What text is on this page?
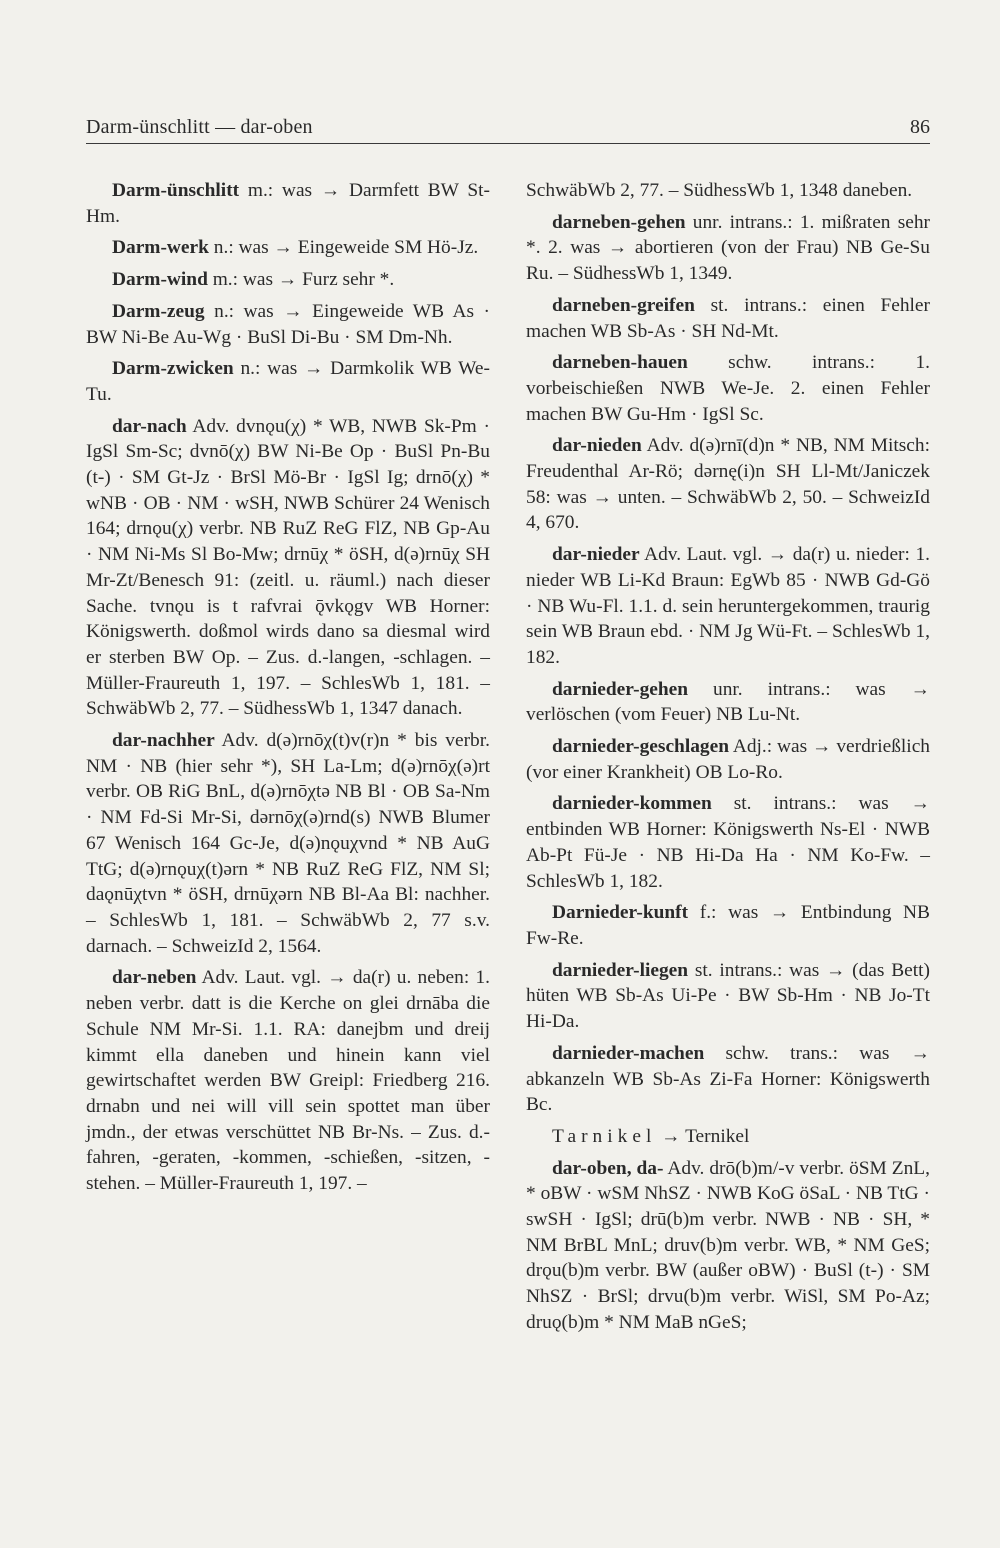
Darm-ünschlitt — dar-oben	86

Darm-ünschlitt m.: was → Darmfett BW St-Hm.

Darm-werk n.: was → Eingeweide SM Hö-Jz.

Darm-wind m.: was → Furz sehr *.

Darm-zeug n.: was → Eingeweide WB As · BW Ni-Be Au-Wg · BuSl Di-Bu · SM Dm-Nh.

Darm-zwicken n.: was → Darmkolik WB We-Tu.

dar-nach Adv. dvnǫu(χ) * WB, NWB Sk-Pm · IgSl Sm-Sc; dvnō(χ) BW Ni-Be Op · BuSl Pn-Bu (t-) · SM Gt-Jz · BrSl Mö-Br · IgSl Ig; drnō(χ) * wNB · OB · NM · wSH, NWB Schürer 24 Wenisch 164; drnǫu(χ) verbr. NB RuZ ReG FlZ, NB Gp-Au · NM Ni-Ms Sl Bo-Mw; drnūχ * öSH, d(ə)rnūχ SH Mr-Zt/Benesch 91: (zeitl. u. räuml.) nach dieser Sache. tvnǫu is t rafvrai ǭvkǫgv WB Horner: Königswerth. doßmol wirds dano sa diesmal wird er sterben BW Op. – Zus. d.-langen, -schlagen. – Müller-Fraureuth 1, 197. – SchlesWb 1, 181. – SchwäbWb 2, 77. – SüdhessWb 1, 1347 danach.

dar-nachher Adv. d(ə)rnōχ(t)v(r)n * bis verbr. NM · NB (hier sehr *), SH La-Lm; d(ə)rnōχ(ə)rt verbr. OB RiG BnL, d(ə)rnōχtə NB Bl · OB Sa-Nm · NM Fd-Si Mr-Si, dərnōχ(ə)rnd(s) NWB Blumer 67 Wenisch 164 Gc-Je, d(ə)nǫuχvnd * NB AuG TtG; d(ə)rnǫuχ(t)ərn * NB RuZ ReG FlZ, NM Sl; daǫnūχtvn * öSH, drnūχərn NB Bl-Aa Bl: nachher. – SchlesWb 1, 181. – SchwäbWb 2, 77 s.v. darnach. – SchweizId 2, 1564.

dar-neben Adv. Laut. vgl. → da(r) u. neben: 1. neben verbr. datt is die Kerche on glei drnāba die Schule NM Mr-Si. 1.1. RA: danejbm und dreij kimmt ella daneben und hinein kann viel gewirtschaftet werden BW Greipl: Friedberg 216. drnabn und nei will vill sein spottet man über jmdn., der etwas verschüttet NB Br-Ns. – Zus. d.-fahren, -geraten, -kommen, -schießen, -sitzen, -stehen. – Müller-Fraureuth 1, 197. –

SchwäbWb 2, 77. – SüdhessWb 1, 1348 daneben.

darneben-gehen unr. intrans.: 1. mißraten sehr *. 2. was → abortieren (von der Frau) NB Ge-Su Ru. – SüdhessWb 1, 1349.

darneben-greifen st. intrans.: einen Fehler machen WB Sb-As · SH Nd-Mt.

darneben-hauen schw. intrans.: 1. vorbeischießen NWB We-Je. 2. einen Fehler machen BW Gu-Hm · IgSl Sc.

dar-nieden Adv. d(ə)rnī(d)n * NB, NM Mitsch: Freudenthal Ar-Rö; dərnę(i)n SH Ll-Mt/Janiczek 58: was → unten. – SchwäbWb 2, 50. – SchweizId 4, 670.

dar-nieder Adv. Laut. vgl. → da(r) u. nieder: 1. nieder WB Li-Kd Braun: EgWb 85 · NWB Gd-Gö · NB Wu-Fl. 1.1. d. sein heruntergekommen, traurig sein WB Braun ebd. · NM Jg Wü-Ft. – SchlesWb 1, 182.

darnieder-gehen unr. intrans.: was → verlöschen (vom Feuer) NB Lu-Nt.

darnieder-geschlagen Adj.: was → verdrießlich (vor einer Krankheit) OB Lo-Ro.

darnieder-kommen st. intrans.: was → entbinden WB Horner: Königswerth Ns-El · NWB Ab-Pt Fü-Je · NB Hi-Da Ha · NM Ko-Fw. – SchlesWb 1, 182.

Darnieder-kunft f.: was → Entbindung NB Fw-Re.

darnieder-liegen st. intrans.: was → (das Bett) hüten WB Sb-As Ui-Pe · BW Sb-Hm · NB Jo-Tt Hi-Da.

darnieder-machen schw. trans.: was → abkanzeln WB Sb-As Zi-Fa Horner: Königswerth Bc.

Tarnikel → Ternikel

dar-oben, da- Adv. drō(b)m/-v verbr. öSM ZnL, * oBW · wSM NhSZ · NWB KoG öSaL · NB TtG · swSH · IgSl; drū(b)m verbr. NWB · NB · SH, * NM BrBL MnL; druv(b)m verbr. WB, * NM GeS; drǫu(b)m verbr. BW (außer oBW) · BuSl (t-) · SM NhSZ · BrSl; drvu(b)m verbr. WiSl, SM Po-Az; druǫ(b)m * NM MaB nGeS;
